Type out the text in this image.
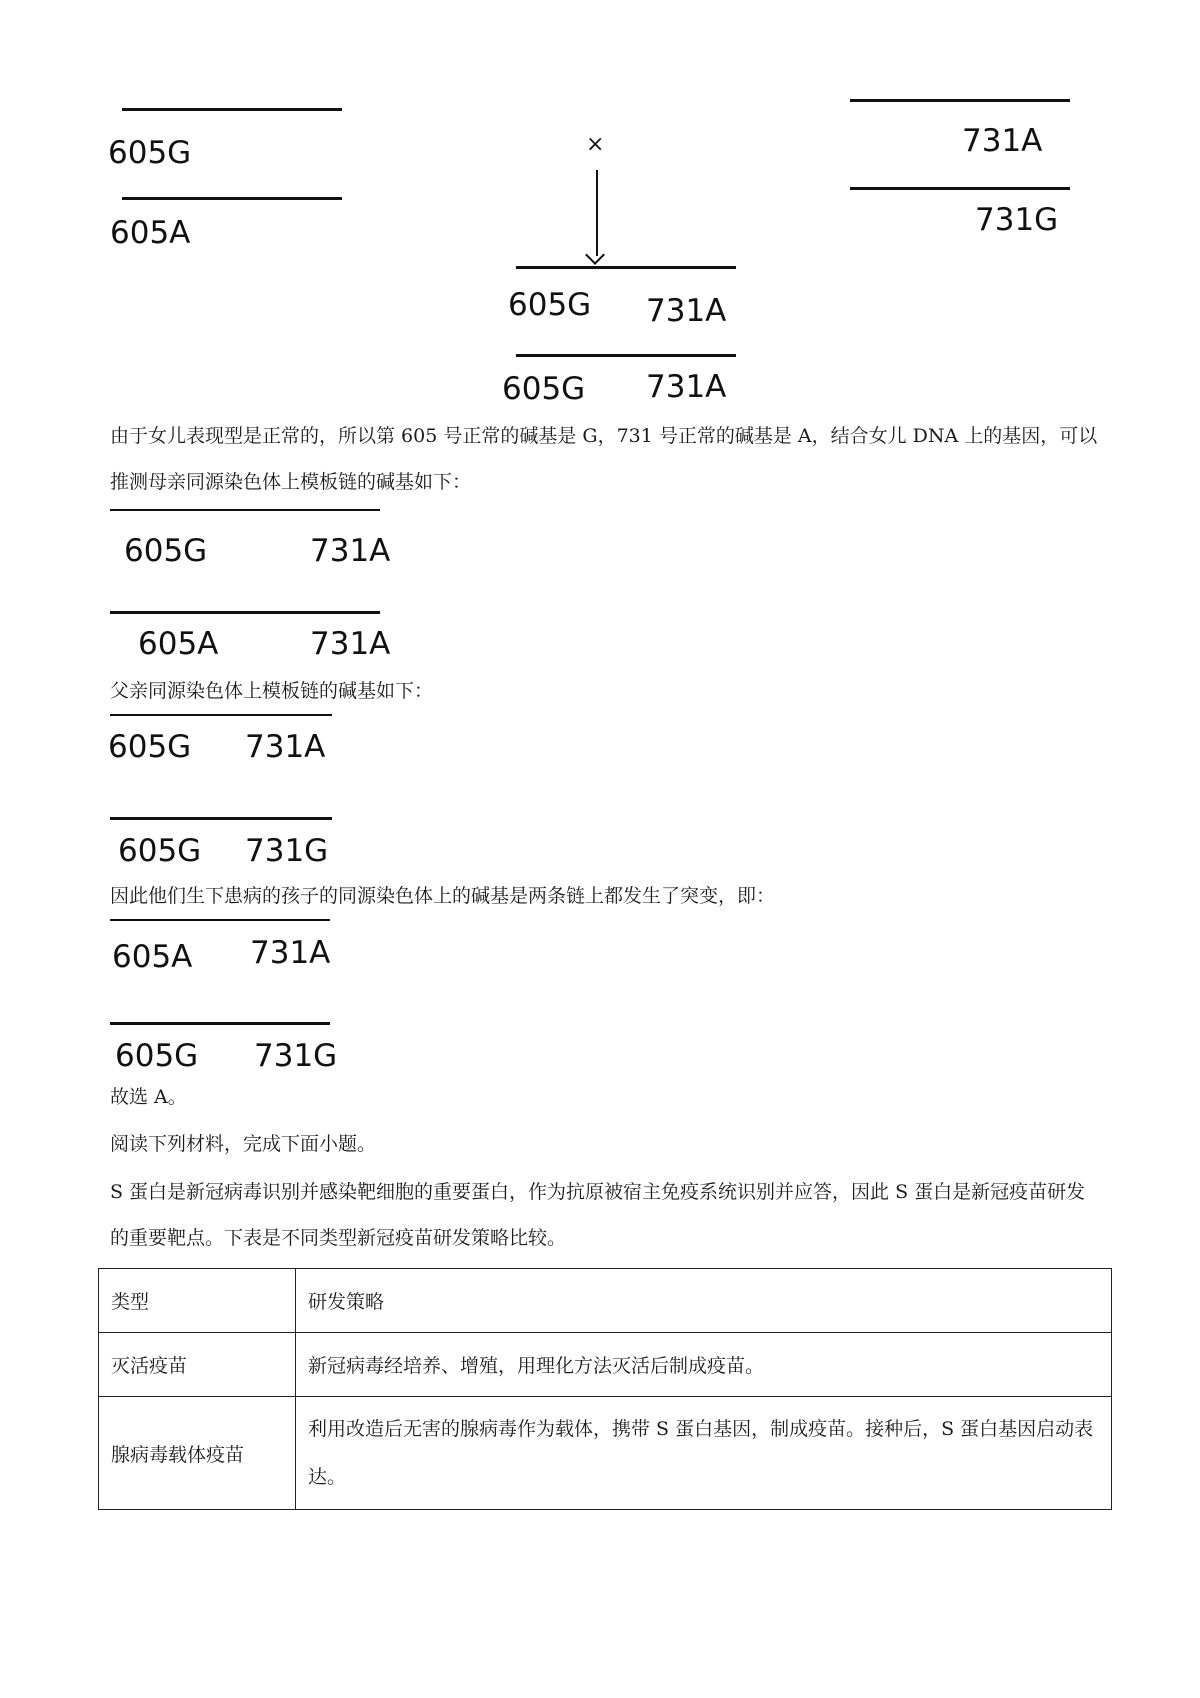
605G
605A
×	731A
731G
605G 731A
605G 731A
由于女儿表现型是正常的，所以第 605 号正常的碱基是 G，731 号正常的碱基是 A，结合女儿 DNA 上的基因，可以推测母亲同源染色体上模板链的碱基如下：
605G	731A
605A	731A
父亲同源染色体上模板链的碱基如下：
605G 731A
605G 731G
因此他们生下患病的孩子的同源染色体上的碱基是两条链上都发生了突变，即：
605A 731A
605G 731G
故选 A。
阅读下列材料，完成下面小题。
S 蛋白是新冠病毒识别并感染靶细胞的重要蛋白，作为抗原被宿主免疫系统识别并应答，因此 S 蛋白是新冠疫苗研发的重要靶点。下表是不同类型新冠疫苗研发策略比较。
类型	研发策略
灭活疫苗	新冠病毒经培养、增殖，用理化方法灭活后制成疫苗。
腺病毒载体疫苗	利用改造后无害的腺病毒作为载体，携带 S 蛋白基因，制成疫苗。接种后，S 蛋白基因启动表达。
